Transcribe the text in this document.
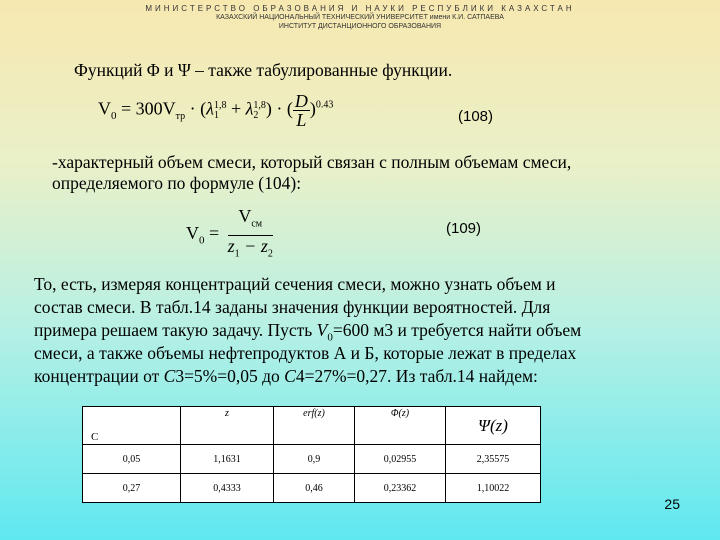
МИНИСТЕРСТВО ОБРАЗОВАНИЯ И НАУКИ РЕСПУБЛИКИ КАЗАХСТАН
КАЗАХСКИЙ НАЦИОНАЛЬНЫЙ ТЕХНИЧЕСКИЙ УНИВЕРСИТЕТ имени К.И. САТПАЕВА
ИНСТИТУТ ДИСТАНЦИОННОГО ОБРАЗОВАНИЯ
Функций Φ и Ψ – также табулированные функции.
$V_0 = 300V_{тр} \cdot (\lambda$ 1,8
1 + λ 1,8
2 ) · ( $\frac{D}{L} )^{0.43}$
(108)
-характерный объем смеси, который связан с полным объемам смеси,
определяемого по формуле (104):
$V_0$ =
$V_{см}$
$z_1 - z_2$
(109)
То, есть, измеряя концентраций сечения смеси, можно узнать объем и
состав смеси. В табл.14 заданы значения функции вероятностей. Для
примера решаем такую задачу. Пусть $V_0=600$ м3 и требуется найти объем
смеси, а также объемы нефтепродуктов А и Б, которые лежат в пределах
концентрации от C3=5%=0,05 до C4=27%=0,27. Из табл.14 найдем:
C	z	erf(z)	Φ(z)	Ψ(z)
0,05	1,1631	0,9	0,02955	2,35575
0,27	0,4333	0,46	0,23362	1,10022
25
